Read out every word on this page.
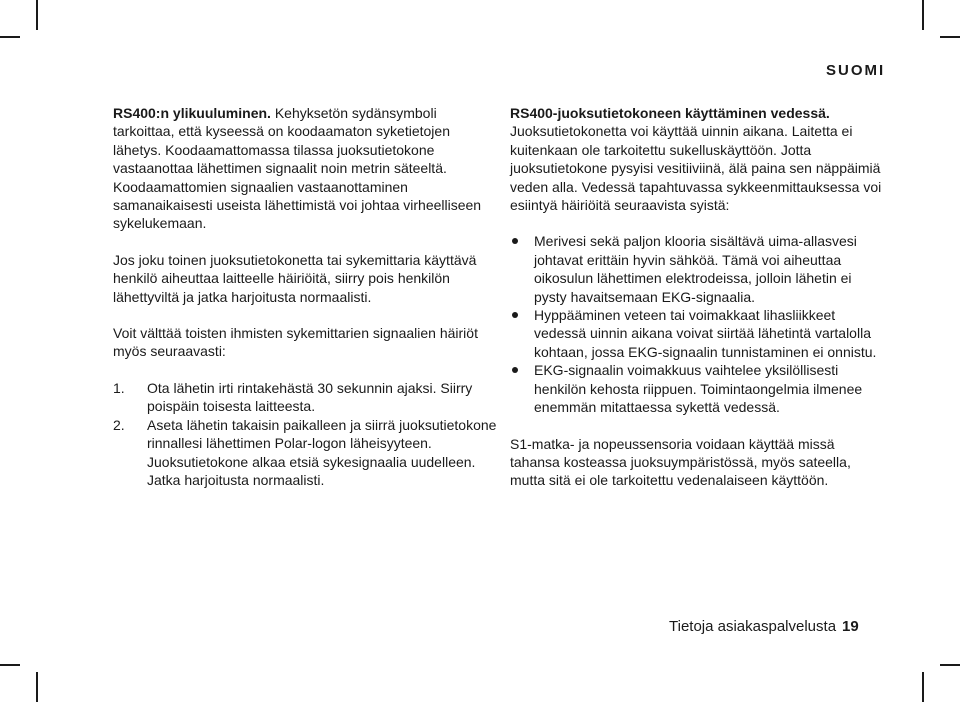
SUOMI

RS400:n ylikuuluminen. Kehyksetön sydänsymboli tarkoittaa, että kyseessä on koodaamaton syketietojen lähetys. Koodaamattomassa tilassa juoksutietokone vastaanottaa lähettimen signaalit noin metrin säteeltä. Koodaamattomien signaalien vastaanottaminen samanaikaisesti useista lähettimistä voi johtaa virheelliseen sykelukemaan.

Jos joku toinen juoksutietokonetta tai sykemittaria käyttävä henkilö aiheuttaa laitteelle häiriöitä, siirry pois henkilön lähettyviltä ja jatka harjoitusta normaalisti.

Voit välttää toisten ihmisten sykemittarien signaalien häiriöt myös seuraavasti:

1. Ota lähetin irti rintakehästä 30 sekunnin ajaksi. Siirry poispäin toisesta laitteesta.
2. Aseta lähetin takaisin paikalleen ja siirrä juoksutietokone rinnallesi lähettimen Polar-logon läheisyyteen. Juoksutietokone alkaa etsiä sykesignaalia uudelleen. Jatka harjoitusta normaalisti.

RS400-juoksutietokoneen käyttäminen vedessä.

Juoksutietokonetta voi käyttää uinnin aikana. Laitetta ei kuitenkaan ole tarkoitettu sukelluskäyttöön. Jotta juoksutietokone pysyisi vesitiiviinä, älä paina sen näppäimiä veden alla. Vedessä tapahtuvassa sykkeenmittauksessa voi esiintyä häiriöitä seuraavista syistä:

Merivesi sekä paljon klooria sisältävä uima-allasvesi johtavat erittäin hyvin sähköä. Tämä voi aiheuttaa oikosulun lähettimen elektrodeissa, jolloin lähetin ei pysty havaitsemaan EKG-signaalia.
Hyppääminen veteen tai voimakkaat lihasliikkeet vedessä uinnin aikana voivat siirtää lähetintä vartalolla kohtaan, jossa EKG-signaalin tunnistaminen ei onnistu.
EKG-signaalin voimakkuus vaihtelee yksilöllisesti henkilön kehosta riippuen. Toimintaongelmia ilmenee enemmän mitattaessa sykettä vedessä.

S1-matka- ja nopeussensoria voidaan käyttää missä tahansa kosteassa juoksuympäristössä, myös sateella, mutta sitä ei ole tarkoitettu vedenalaiseen käyttöön.

Tietoja asiakaspalvelusta 19
